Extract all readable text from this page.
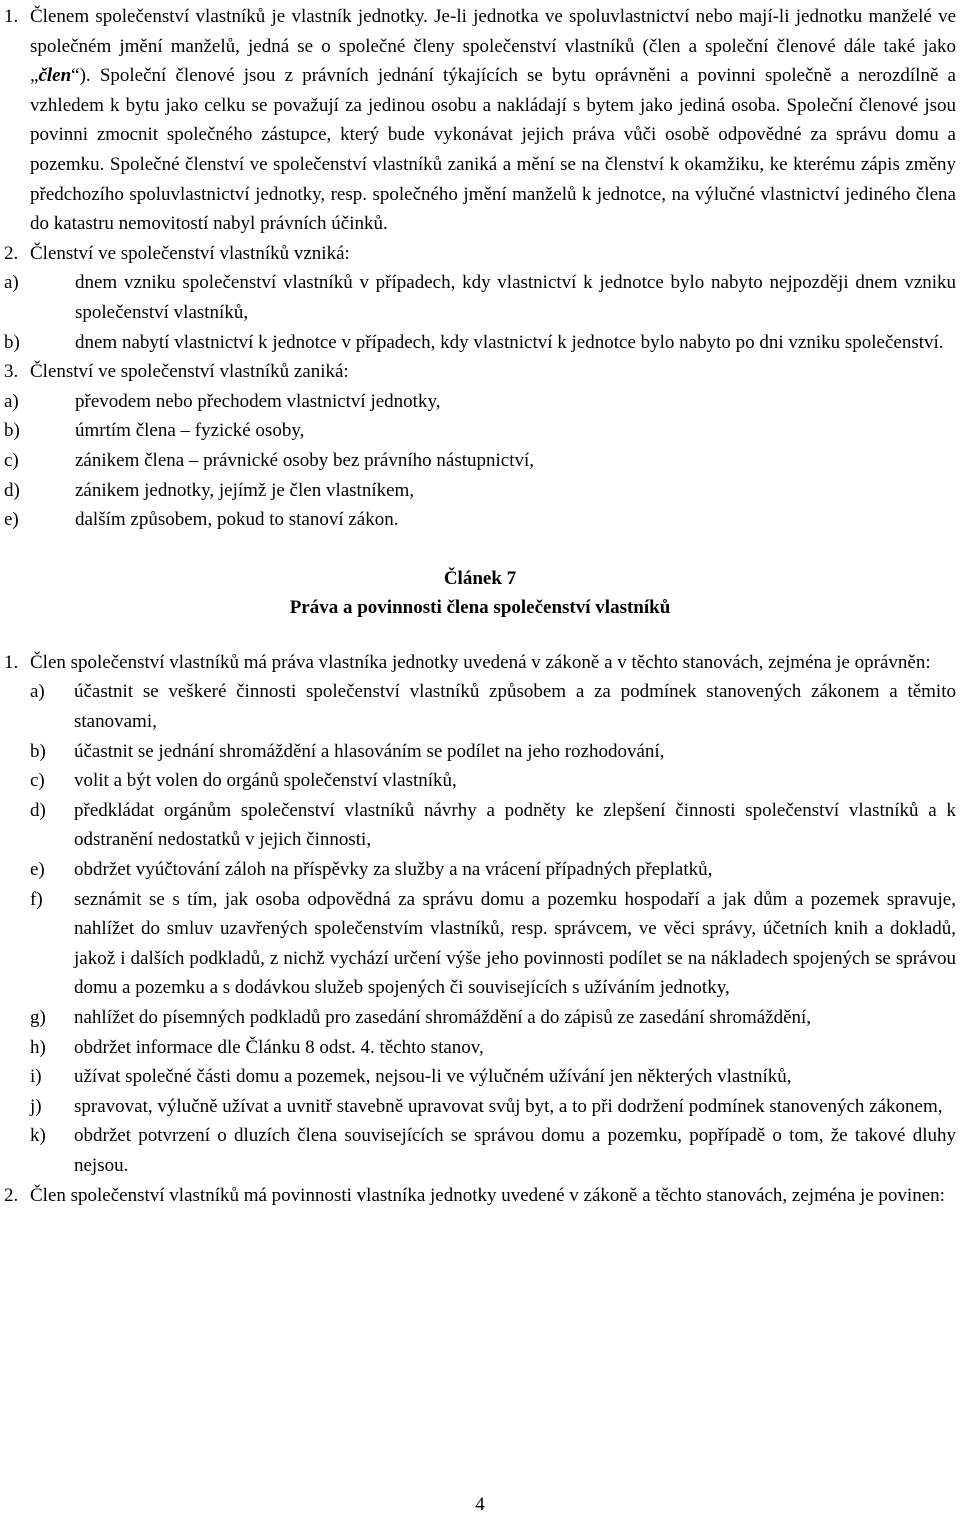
1. Členem společenství vlastníků je vlastník jednotky. Je-li jednotka ve spoluvlastnictví nebo mají-li jednotku manželé ve společném jmění manželů, jedná se o společné členy společenství vlastníků (člen a společní členové dále také jako „člen“). Společní členové jsou z právních jednání týkajících se bytu oprávněni a povinni společně a nerozdílně a vzhledem k bytu jako celku se považují za jedinou osobu a nakládají s bytem jako jediná osoba. Společní členové jsou povinni zmocnit společného zástupce, který bude vykonávat jejich práva vůči osobě odpovědné za správu domu a pozemku. Společné členství ve společenství vlastníků zaniká a mění se na členství k okamžiku, ke kterému zápis změny předchozího spoluvlastnictví jednotky, resp. společného jmění manželů k jednotce, na výlučné vlastnictví jediného člena do katastru nemovitostí nabyl právních účinků.
2. Členství ve společenství vlastníků vzniká:
a)	dnem vzniku společenství vlastníků v případech, kdy vlastnictví k jednotce bylo nabyto nejpozději dnem vzniku společenství vlastníků,
b)	dnem nabytí vlastnictví k jednotce v případech, kdy vlastnictví k jednotce bylo nabyto po dni vzniku společenství.
3. Členství ve společenství vlastníků zaniká:
a)	převodem nebo přechodem vlastnictví jednotky,
b)	úmrtím člena – fyzické osoby,
c)	zánikem člena – právnické osoby bez právního nástupnictví,
d)	zánikem jednotky, jejímž je člen vlastníkem,
e)	dalším způsobem, pokud to stanoví zákon.
Článek 7
Práva a povinnosti člena společenství vlastníků
1. Člen společenství vlastníků má práva vlastníka jednotky uvedená v zákoně a v těchto stanovách, zejména je oprávněn:
a)	účastnit se veškeré činnosti společenství vlastníků způsobem a za podmínek stanovených zákonem a těmito stanovami,
b)	účastnit se jednání shromáždění a hlasováním se podílet na jeho rozhodování,
c)	volit a být volen do orgánů společenství vlastníků,
d)	předkládat orgánům společenství vlastníků návrhy a podněty ke zlepšení činnosti společenství vlastníků a k odstranění nedostatků v jejich činnosti,
e)	obdržet vyúčtování záloh na příspěvky za služby a na vrácení případných přeplatků,
f)	seznámit se s tím, jak osoba odpovědná za správu domu a pozemku hospodaří a jak dům a pozemek spravuje, nahlížet do smluv uzavřených společenstvím vlastníků, resp. správcem, ve věci správy, účetních knih a dokladů, jakož i dalších podkladů, z nichž vychází určení výše jeho povinnosti podílet se na nákladech spojených se správou domu a pozemku a s dodávkou služeb spojených či souvisejících s užíváním jednotky,
g)	nahlížet do písemných podkladů pro zasedání shromáždění a do zápisů ze zasedání shromáždění,
h)	obdržet informace dle Článku 8 odst. 4. těchto stanov,
i)	užívat společné části domu a pozemek, nejsou-li ve výlučném užívání jen některých vlastníků,
j)	spravovat, výlučně užívat a uvnitř stavebně upravovat svůj byt, a to při dodržení podmínek stanovených zákonem,
k)	obdržet potvrzení o dluzích člena souvisejících se správou domu a pozemku, popřípadě o tom, že takové dluhy nejsou.
2. Člen společenství vlastníků má povinnosti vlastníka jednotky uvedené v zákoně a těchto stanovách, zejména je povinen:
4
